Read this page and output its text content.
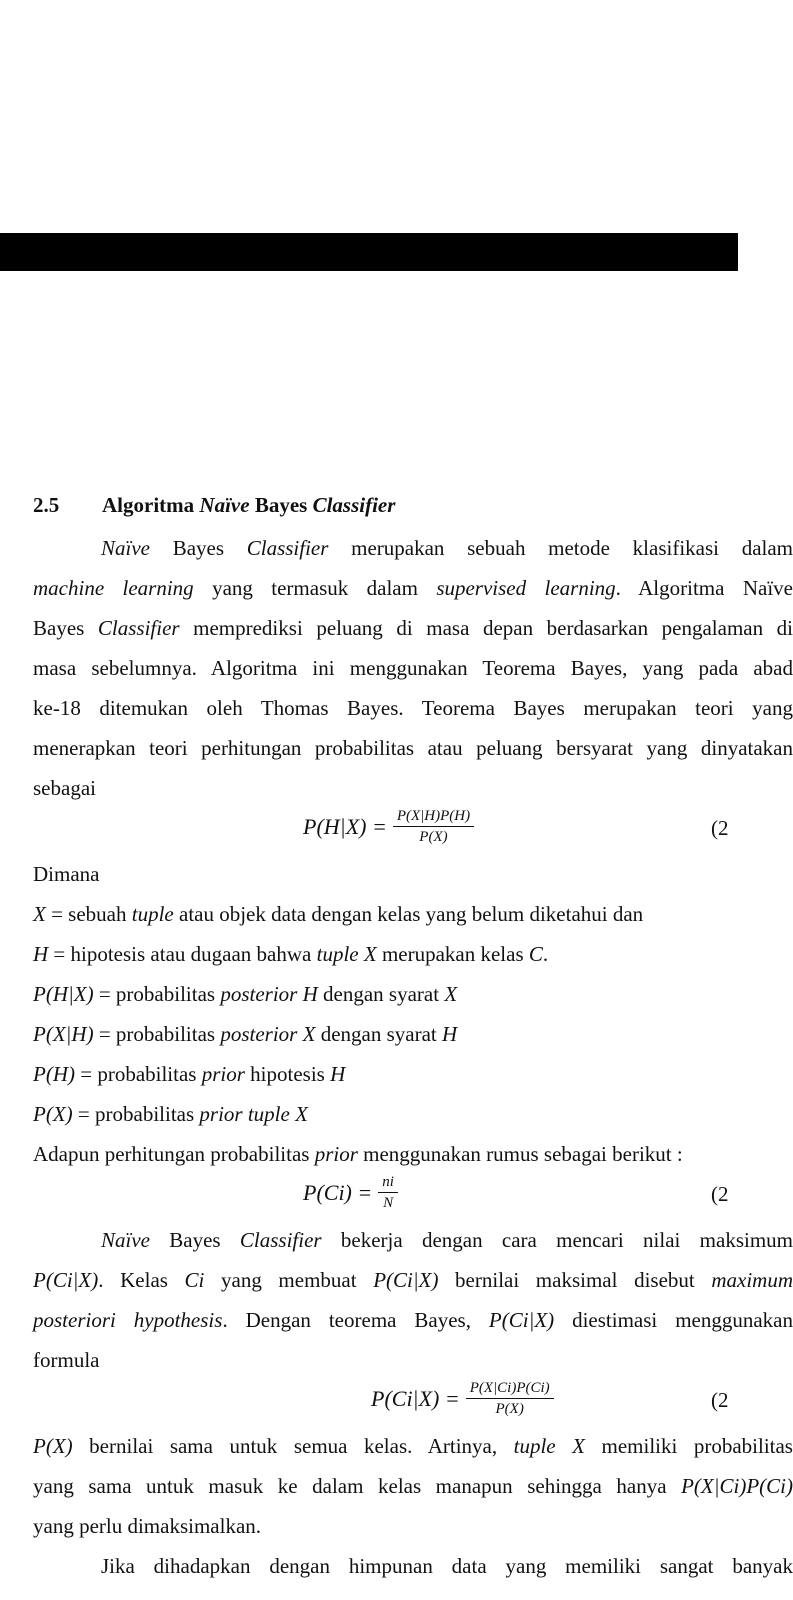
2.5 Algoritma Naïve Bayes Classifier
Naïve Bayes Classifier merupakan sebuah metode klasifikasi dalam
machine learning yang termasuk dalam supervised learning. Algoritma Naïve
Bayes Classifier memprediksi peluang di masa depan berdasarkan pengalaman di
masa sebelumnya. Algoritma ini menggunakan Teorema Bayes, yang pada abad
ke-18 ditemukan oleh Thomas Bayes. Teorema Bayes merupakan teori yang
menerapkan teori perhitungan probabilitas atau peluang bersyarat yang dinyatakan
sebagai
$P(H|X) = \frac{P(X|H)P(H)}{P(X)}$	(2
Dimana
X = sebuah tuple atau objek data dengan kelas yang belum diketahui dan
H = hipotesis atau dugaan bahwa tuple X merupakan kelas C.
P(H|X) = probabilitas posterior H dengan syarat X
P(X|H) = probabilitas posterior X dengan syarat H
P(H) = probabilitas prior hipotesis H
P(X) = probabilitas prior tuple X
Adapun perhitungan probabilitas prior menggunakan rumus sebagai berikut :
$P(Ci) = \frac{ni}{N}$	(2
Naïve Bayes Classifier bekerja dengan cara mencari nilai maksimum
P(Ci|X). Kelas Ci yang membuat P(Ci|X) bernilai maksimal disebut maximum
posteriori hypothesis. Dengan teorema Bayes, P(Ci|X) diestimasi menggunakan
formula
$P(Ci|X) = \frac{P(X|Ci)P(Ci)}{P(X)}$	(2
P(X) bernilai sama untuk semua kelas. Artinya, tuple X memiliki probabilitas
yang sama untuk masuk ke dalam kelas manapun sehingga hanya P(X|Ci)P(Ci)
yang perlu dimaksimalkan.
Jika dihadapkan dengan himpunan data yang memiliki sangat banyak
